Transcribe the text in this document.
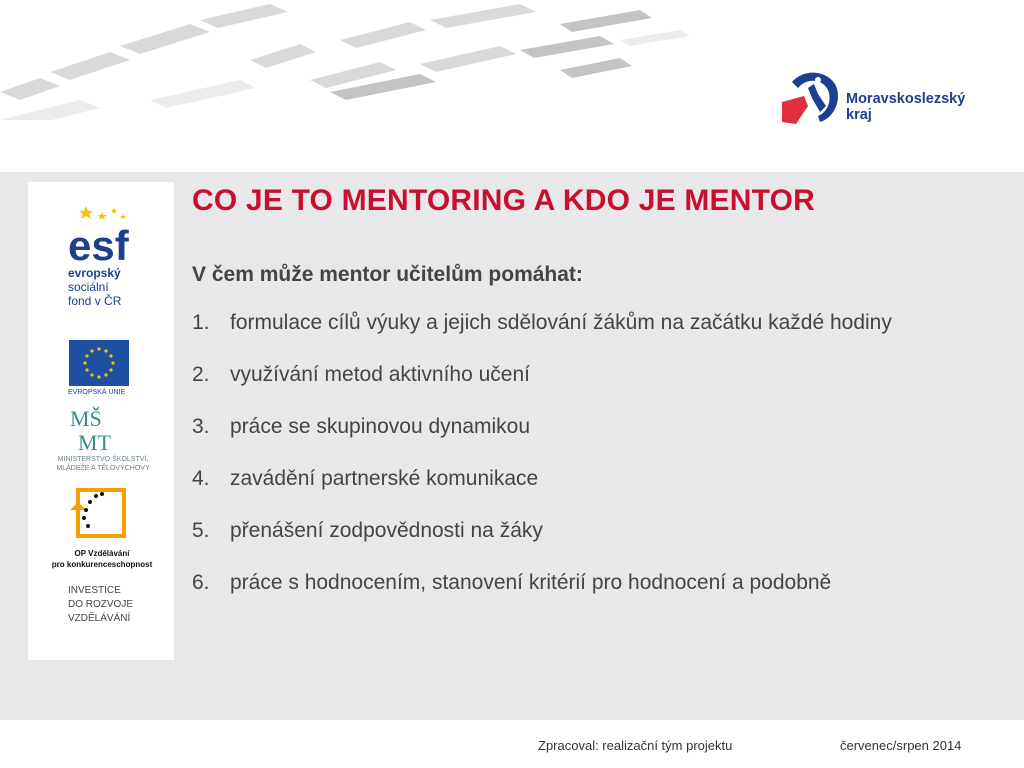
Moravskoslezský
kraj
esf
evropský
sociální
fond v ČR
EVROPSKÁ UNIE
MŠ
MT
MINISTERSTVO ŠKOLSTVÍ,
MLÁDEŽE A TĚLOVÝCHOVY
OP Vzdělávání
pro konkurenceschopnost
INVESTICE
DO ROZVOJE
VZDĚLÁVÁNÍ
CO JE TO MENTORING A KDO JE MENTOR
V čem může mentor učitelům pomáhat:
1. formulace cílů výuky a jejich sdělování žákům na začátku každé hodiny
2. využívání metod aktivního učení
3. práce se skupinovou dynamikou
4. zavádění partnerské komunikace
5. přenášení zodpovědnosti na žáky
6. práce s hodnocením, stanovení kritérií pro hodnocení a podobně
Zpracoval: realizační tým projektu	červenec/srpen 2014
